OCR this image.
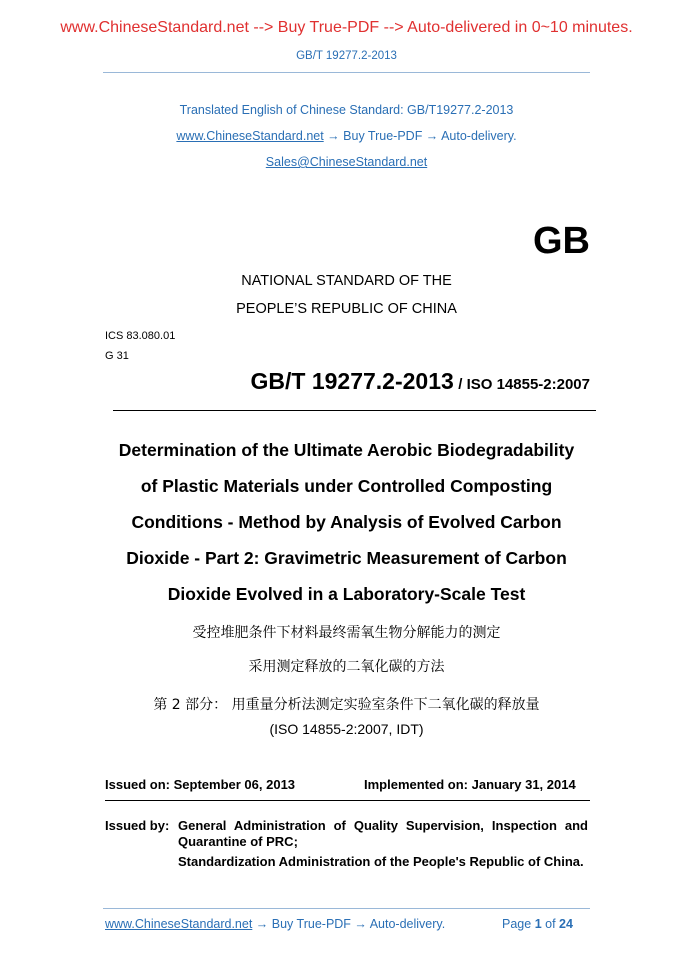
www.ChineseStandard.net --> Buy True-PDF --> Auto-delivered in 0~10 minutes.
GB/T 19277.2-2013
Translated English of Chinese Standard: GB/T19277.2-2013
www.ChineseStandard.net → Buy True-PDF → Auto-delivery.
Sales@ChineseStandard.net
GB
NATIONAL STANDARD OF THE
PEOPLE’S REPUBLIC OF CHINA
ICS 83.080.01
G 31
GB/T 19277.2-2013 / ISO 14855-2:2007
Determination of the Ultimate Aerobic Biodegradability
of Plastic Materials under Controlled Composting
Conditions - Method by Analysis of Evolved Carbon
Dioxide - Part 2: Gravimetric Measurement of Carbon
Dioxide Evolved in a Laboratory-Scale Test
受控堆肥条件下材料最终需氧生物分解能力的测定
采用测定释放的二氧化碳的方法
第 2 部分： 用重量分析法测定实验室条件下二氧化碳的释放量
(ISO 14855-2:2007, IDT)
Issued on: September 06, 2013	Implemented on: January 31, 2014
Issued by: General Administration of Quality Supervision, Inspection and Quarantine of PRC;
Standardization Administration of the People's Republic of China.
www.ChineseStandard.net → Buy True-PDF → Auto-delivery.	Page 1 of 24
